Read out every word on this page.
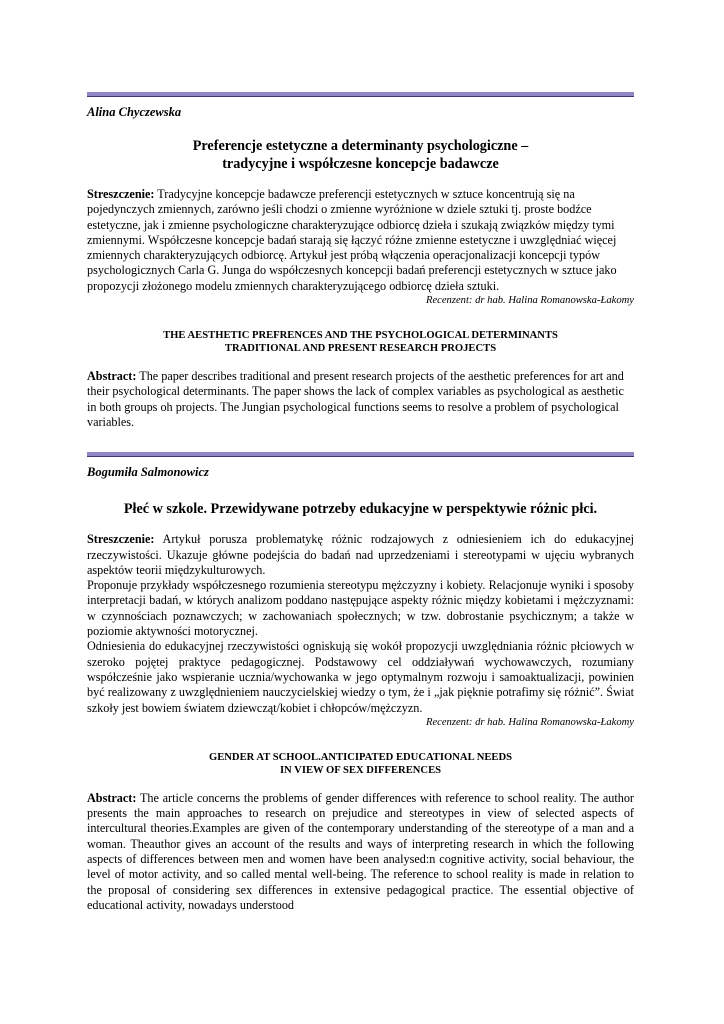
Alina Chyczewska

Preferencje estetyczne a determinanty psychologiczne –
tradycyjne i współczesne koncepcje badawcze

Streszczenie: Tradycyjne koncepcje badawcze preferencji estetycznych w sztuce koncentrują się na pojedynczych zmiennych, zarówno jeśli chodzi o zmienne wyróżnione w dziele sztuki tj. proste bodźce estetyczne, jak i zmienne psychologiczne charakteryzujące odbiorcę dzieła i szukają związków między tymi zmiennymi. Współczesne koncepcje badań starają się łączyć różne zmienne estetyczne i uwzględniać więcej zmiennych charakteryzujących odbiorcę. Artykuł jest próbą włączenia operacjonalizacji koncepcji typów psychologicznych Carla G. Junga do współczesnych koncepcji badań preferencji estetycznych w sztuce jako propozycji złożonego modelu zmiennych charakteryzującego odbiorcę dzieła sztuki.

Recenzent: dr hab. Halina Romanowska-Łakomy

THE AESTHETIC PREFRENCES AND THE PSYCHOLOGICAL DETERMINANTS
TRADITIONAL AND PRESENT RESEARCH PROJECTS

Abstract: The paper describes traditional and present research projects of the aesthetic preferences for art and their psychological determinants. The paper shows the lack of complex variables as psychological as aesthetic in both groups oh projects. The Jungian psychological functions seems to resolve a problem of psychological variables.

Bogumiła Salmonowicz

Płeć w szkole. Przewidywane potrzeby edukacyjne w perspektywie różnic płci.

Streszczenie: Artykuł porusza problematykę różnic rodzajowych z odniesieniem ich do edukacyjnej rzeczywistości. Ukazuje główne podejścia do badań nad uprzedzeniami i stereotypami w ujęciu wybranych aspektów teorii międzykulturowych.

Proponuje przykłady współczesnego rozumienia stereotypu mężczyzny i kobiety. Relacjonuje wyniki i sposoby interpretacji badań, w których analizom poddano następujące aspekty różnic między kobietami i mężczyznami: w czynnościach poznawczych; w zachowaniach społecznych; w tzw. dobrostanie psychicznym; a także w poziomie aktywności motorycznej.

Odniesienia do edukacyjnej rzeczywistości ogniskują się wokół propozycji uwzględniania różnic płciowych w szeroko pojętej praktyce pedagogicznej. Podstawowy cel oddziaływań wychowawczych, rozumiany współcześnie jako wspieranie ucznia/wychowanka w jego optymalnym rozwoju i samoaktualizacji, powinien być realizowany z uwzględnieniem nauczycielskiej wiedzy o tym, że i „jak pięknie potrafimy się różnić”. Świat szkoły jest bowiem światem dziewcząt/kobiet i chłopców/mężczyzn.

Recenzent: dr hab. Halina Romanowska-Łakomy

GENDER AT SCHOOL.ANTICIPATED EDUCATIONAL NEEDS
IN VIEW OF SEX DIFFERENCES

Abstract: The article concerns the problems of gender differences with reference to school reality. The author presents the main approaches to research on prejudice and stereotypes in view of selected aspects of intercultural theories.Examples are given of the contemporary understanding of the stereotype of a man and a woman. Theauthor gives an account of the results and ways of interpreting research in which the following aspects of differences between men and women have been analysed:n cognitive activity, social behaviour, the level of motor activity, and so called mental well-being. The reference to school reality is made in relation to the proposal of considering sex differences in extensive pedagogical practice. The essential objective of educational activity, nowadays understood
